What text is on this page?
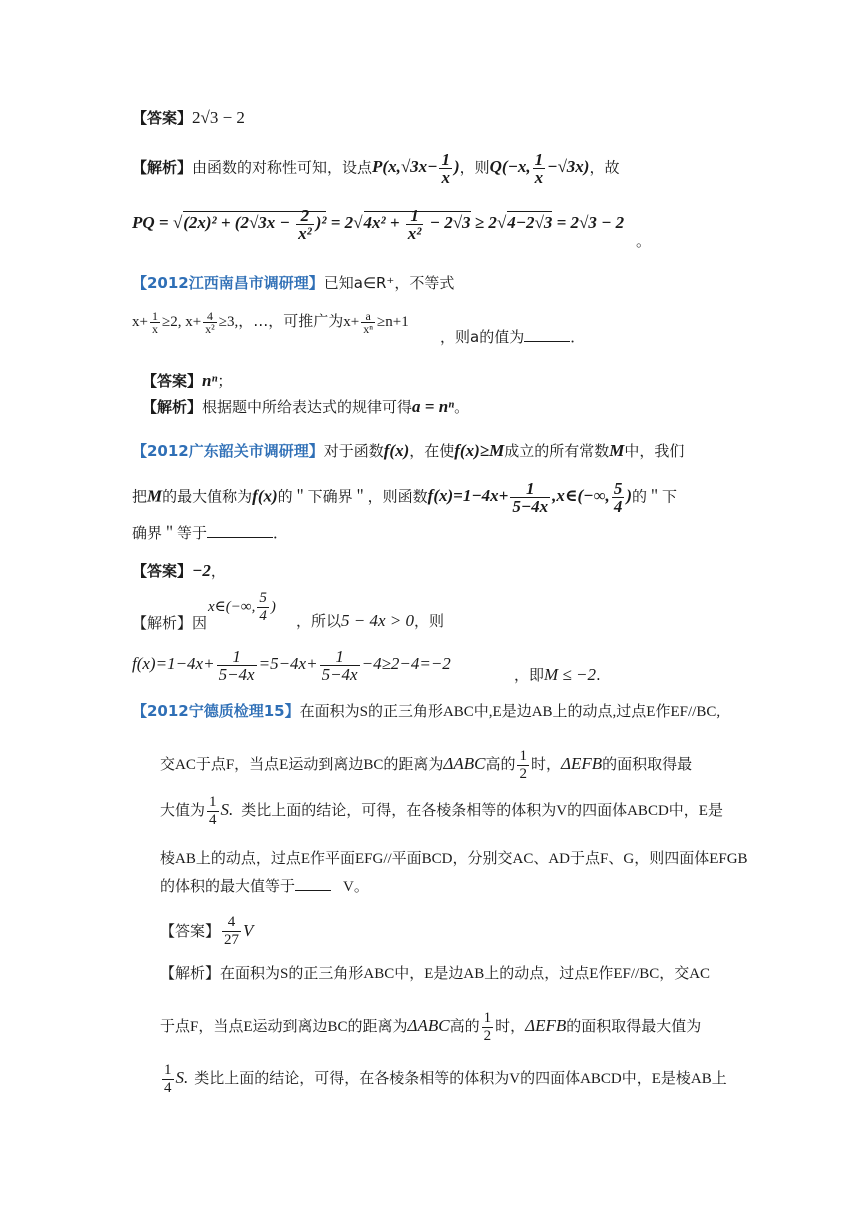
【答案】2√3 − 2
【解析】由函数的对称性可知，设点$P(x,√3x- \frac{1}{x}$ )，则Q(−x, $\frac{1}{x} -√3x$)，故
PQ = $√(2x)^2 + (2√3x - \frac{2}{\text{x²}} )^2 = 2√4x^2 + \frac{1}{\text{x²}} - 2√3 \ge 2√4-2√3 = 2√3 - 2$
。
【2012江西南昌市调研理】已知a∈R⁺，不等式
$x+ \frac{1}{x} \ge 2$, $x+ \frac{4}{\text{x²}} \ge 3$,，…，可推广为$x+ \frac{a}{\text{xⁿ}} \ge n+1$
，则a的值为	．
【答案】nⁿ；
【解析】根据题中所给表达式的规律可得a = nⁿ。
【2012广东韶关市调研理】对于函数f(x)，在使f(x)≥M成立的所有常数M中，我们
把M的最大值称为f(x)的＂下确界＂，则函数$f(x)=1-4x+ \frac{1}{5-4x}$ ,x∈(−∞, $\frac{5}{4}$ )的＂下
确界＂等于	．
【答案】−2，
x∈(−∞, $\frac{5}{4}$ )
【解析】因	，所以5 − 4x > 0，则
$f(x)=1-4x+ \frac{1}{5-4x} =5-4x+ \frac{1}{5-4x} -4\ge 2-4=-2$
，即M ≤ −2.
【2012宁德质检理15】在面积为S的正三角形ABC中,E是边AB上的动点,过点E作EF//BC,
交AC于点F，当点E运动到离边BC的距离为ΔABC高的 $\frac{1}{2}$ 时，ΔEFB的面积取得最
大值为 $\frac{1}{4} S$. 类比上面的结论，可得，在各棱条相等的体积为V的四面体ABCD中，E是
棱AB上的动点，过点E作平面EFG//平面BCD，分别交AC、AD于点F、G，则四面体EFGB
的体积的最大值等于	V。
【答案】 $\frac{4}{27}$ V
【解析】在面积为S的正三角形ABC中，E是边AB上的动点，过点E作EF//BC，交AC
于点F，当点E运动到离边BC的距离为ΔABC高的 $\frac{1}{2}$ 时，ΔEFB的面积取得最大值为
$\frac{1}{4} S$. 类比上面的结论，可得，在各棱条相等的体积为V的四面体ABCD中，E是棱AB上
